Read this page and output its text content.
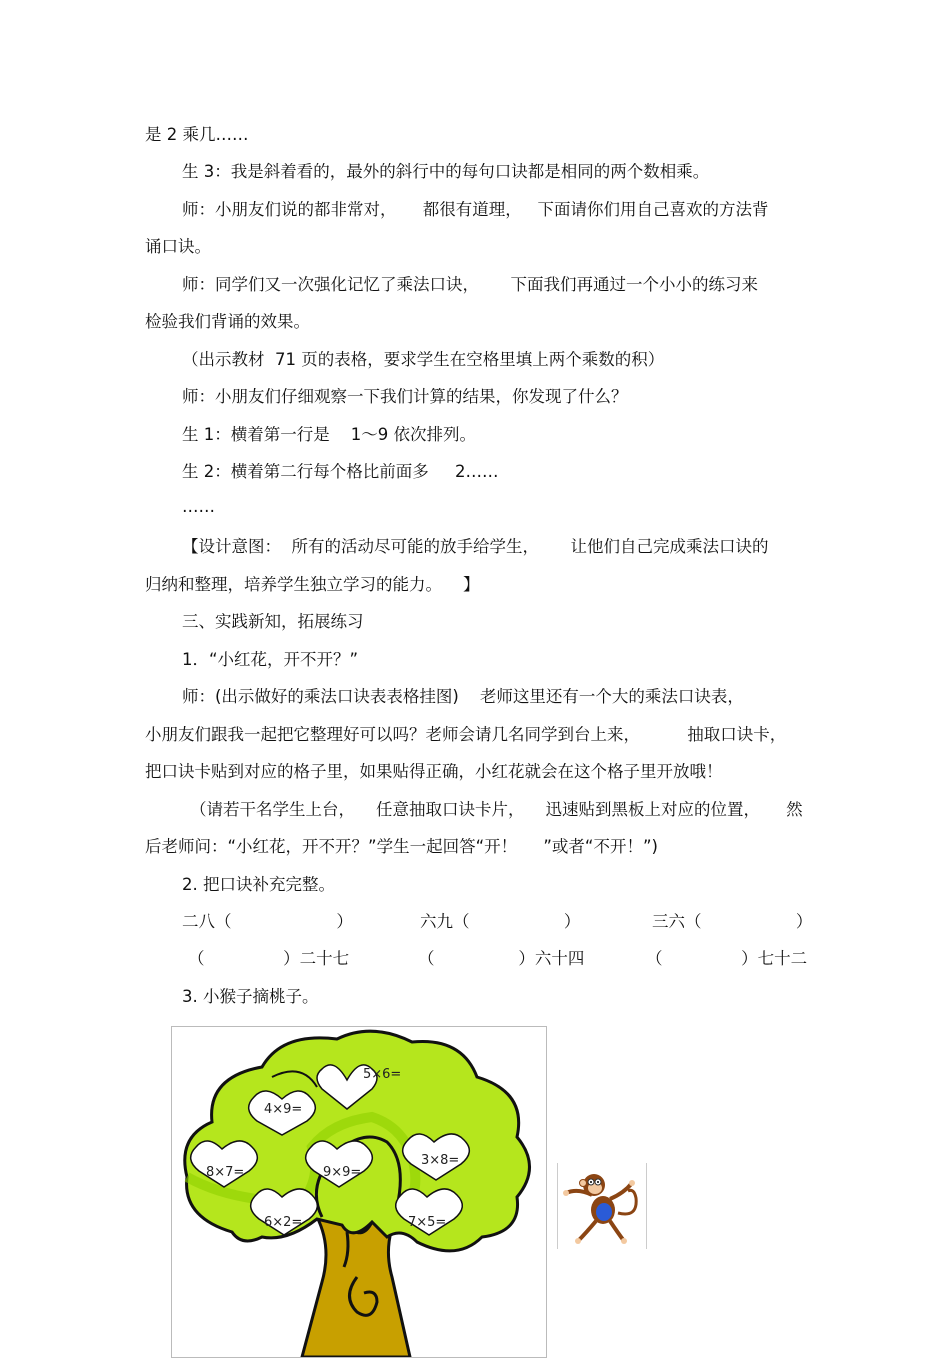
是 2 乘几……
生 3：我是斜着看的，最外的斜行中的每句口诀都是相同的两个数相乘。
师：小朋友们说的都非常对，     都很有道理，   下面请你们用自己喜欢的方法背
诵口诀。
师：同学们又一次强化记忆了乘法口诀，      下面我们再通过一个小小的练习来
检验我们背诵的效果。
（出示教材  71 页的表格，要求学生在空格里填上两个乘数的积）
师：小朋友们仔细观察一下我们计算的结果，你发现了什么？
生 1：横着第一行是    1～9 依次排列。
生 2：横着第二行每个格比前面多     2……
……
【设计意图：  所有的活动尽可能的放手给学生，      让他们自己完成乘法口诀的
归纳和整理，培养学生独立学习的能力。    】
三、实践新知，拓展练习
1．“小红花，开不开？”
师：(出示做好的乘法口诀表表格挂图)    老师这里还有一个大的乘法口诀表，
小朋友们跟我一起把它整理好可以吗？老师会请几名同学到台上来，         抽取口诀卡，
把口诀卡贴到对应的格子里，如果贴得正确，小红花就会在这个格子里开放哦！
（请若干名学生上台，    任意抽取口诀卡片，    迅速贴到黑板上对应的位置，     然
后老师问：“小红花，开不开？”学生一起回答“开！     ”或者“不开！”)
2. 把口诀补充完整。
3. 小猴子摘桃子。
二八（                    ）	六九（                  ）	三六（                  ）
（               ）二十七	（                ）六十四	（               ）七十二
5×6=
4×9=
8×7=	9×9=
3×8=
6×2=	7×5=
